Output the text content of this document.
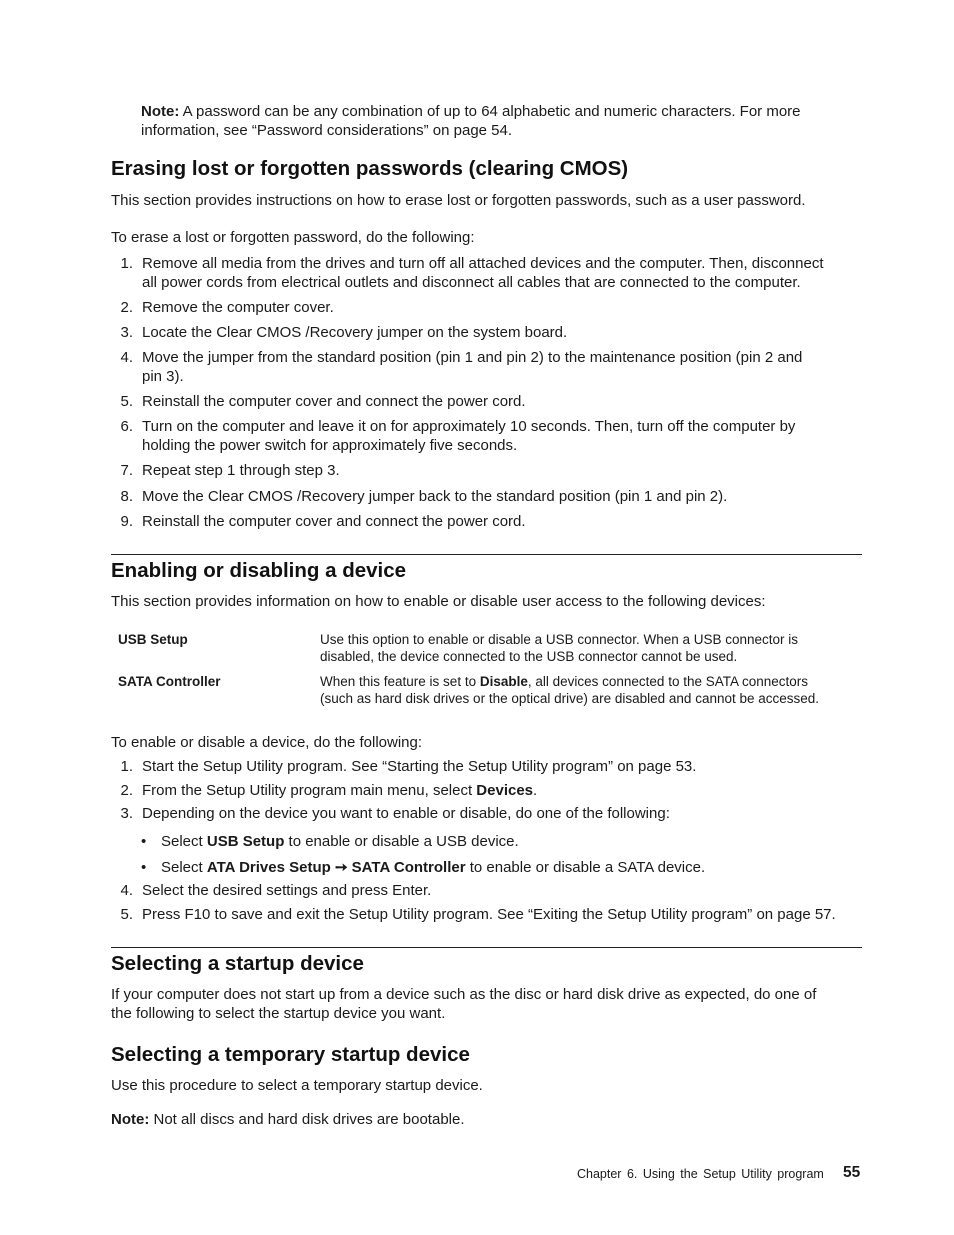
Note: A password can be any combination of up to 64 alphabetic and numeric characters. For more
information, see “Password considerations” on page 54.
Erasing lost or forgotten passwords (clearing CMOS)
This section provides instructions on how to erase lost or forgotten passwords, such as a user password.
To erase a lost or forgotten password, do the following:
1. Remove all media from the drives and turn off all attached devices and the computer. Then, disconnect
all power cords from electrical outlets and disconnect all cables that are connected to the computer.
2. Remove the computer cover.
3. Locate the Clear CMOS /Recovery jumper on the system board.
4. Move the jumper from the standard position (pin 1 and pin 2) to the maintenance position (pin 2 and
pin 3).
5. Reinstall the computer cover and connect the power cord.
6. Turn on the computer and leave it on for approximately 10 seconds. Then, turn off the computer by
holding the power switch for approximately five seconds.
7. Repeat step 1 through step 3.
8. Move the Clear CMOS /Recovery jumper back to the standard position (pin 1 and pin 2).
9. Reinstall the computer cover and connect the power cord.
Enabling or disabling a device
This section provides information on how to enable or disable user access to the following devices:
USB Setup	Use this option to enable or disable a USB connector. When a USB connector is
disabled, the device connected to the USB connector cannot be used.
SATA Controller	When this feature is set to Disable, all devices connected to the SATA connectors
(such as hard disk drives or the optical drive) are disabled and cannot be accessed.
To enable or disable a device, do the following:
1. Start the Setup Utility program. See “Starting the Setup Utility program” on page 53.
2. From the Setup Utility program main menu, select Devices.
3. Depending on the device you want to enable or disable, do one of the following:
• Select USB Setup to enable or disable a USB device.
• Select ATA Drives Setup ➙ SATA Controller to enable or disable a SATA device.
4. Select the desired settings and press Enter.
5. Press F10 to save and exit the Setup Utility program. See “Exiting the Setup Utility program” on page 57.
Selecting a startup device
If your computer does not start up from a device such as the disc or hard disk drive as expected, do one of
the following to select the startup device you want.
Selecting a temporary startup device
Use this procedure to select a temporary startup device.
Note: Not all discs and hard disk drives are bootable.
Chapter 6. Using the Setup Utility program 55
